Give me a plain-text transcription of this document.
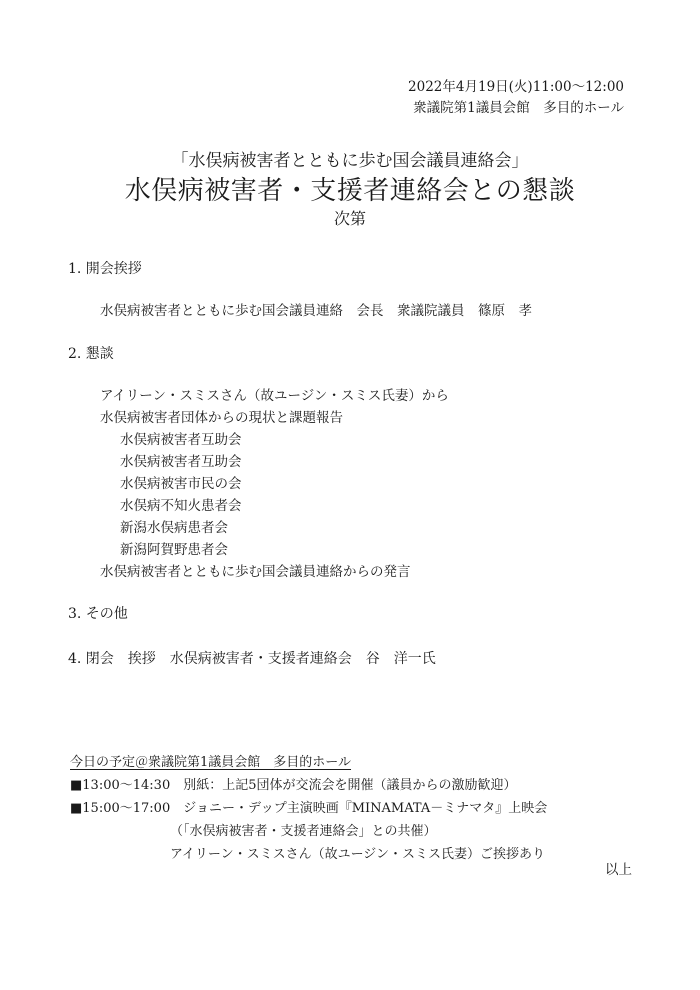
2022年4月19日(火)11:00～12:00
衆議院第1議員会館　多目的ホール
「水俣病被害者とともに歩む国会議員連絡会」
水俣病被害者・支援者連絡会との懇談
次第
1. 開会挨拶
水俣病被害者とともに歩む国会議員連絡　会長　衆議院議員　篠原　孝
2. 懇談
アイリーン・スミスさん（故ユージン・スミス氏妻）から
水俣病被害者団体からの現状と課題報告
水俣病被害者互助会
水俣病被害者互助会
水俣病被害市民の会
水俣病不知火患者会
新潟水俣病患者会
新潟阿賀野患者会
水俣病被害者とともに歩む国会議員連絡からの発言
3. その他
4. 閉会　挨拶　水俣病被害者・支援者連絡会　谷　洋一氏
今日の予定＠衆議院第1議員会館　多目的ホール
■13:00～14:30　別紙：上記5団体が交流会を開催（議員からの激励歓迎）
■15:00～17:00　ジョニー・デップ主演映画『MINAMATA－ミナマタ』上映会
（「水俣病被害者・支援者連絡会」との共催）
アイリーン・スミスさん（故ユージン・スミス氏妻）ご挨拶あり
以上
